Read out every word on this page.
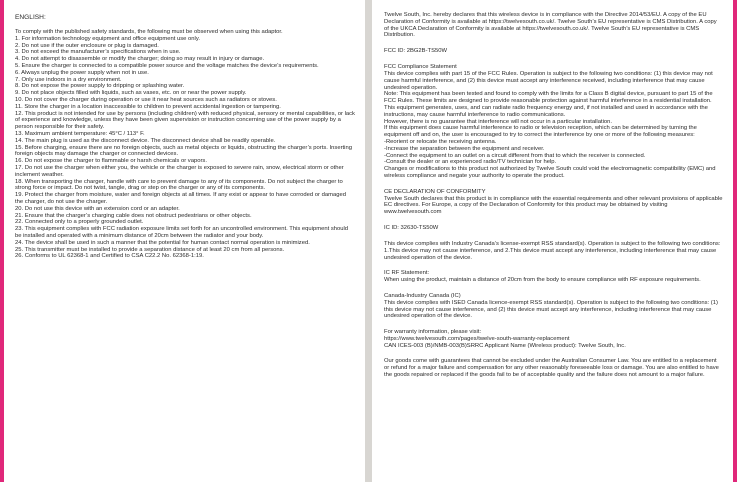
ENGLISH:

To comply with the published safety standards, the following must be observed when using this adaptor.

1. For information technology equipment and office equipment use only.
2. Do not use if the outer enclosure or plug is damaged.
3. Do not exceed the manufacturer’s specifications when in use.
4. Do not attempt to disassemble or modify the charger; doing so may result in injury or damage.
5. Ensure the charger is connected to a compatible power source and the voltage matches the device’s requirements.
6. Always unplug the power supply when not in use.
7. Only use indoors in a dry environment.
8. Do not expose the power supply to dripping or splashing water.
9. Do not place objects filled with liquids, such as vases, etc. on or near the power supply.
10. Do not cover the charger during operation or use it near heat sources such as radiators or stoves.
11. Store the charger in a location inaccessible to children to prevent accidental ingestion or tampering.
12. This product is not intended for use by persons (including children) with reduced physical, sensory or mental capabilities, or lack of experience and knowledge, unless they have been given supervision or instruction concerning use of the power supply by a person responsible for their safety.
13. Maximum ambient temperature: 45°C / 113° F.
14. The main plug is used as the disconnect device. The disconnect device shall be readily operable.
15. Before charging, ensure there are no foreign objects, such as metal objects or liquids, obstructing the charger’s ports. Inserting foreign objects may damage the charger or connected devices.
16. Do not expose the charger to flammable or harsh chemicals or vapors.
17. Do not use the charger when either you, the vehicle or the charger is exposed to severe rain, snow, electrical storm or other inclement weather.
18. When transporting the charger, handle with care to prevent damage to any of its components. Do not subject the charger to strong force or impact. Do not twist, tangle, drag or step on the charger or any of its components.
19. Protect the charger from moisture, water and foreign objects at all times. If any exist or appear to have corroded or damaged the charger, do not use the charger.
20. Do not use this device with an extension cord or an adapter.
21. Ensure that the charger’s charging cable does not obstruct pedestrians or other objects.
22. Connected only to a properly grounded outlet.
23. This equipment complies with FCC radiation exposure limits set forth for an uncontrolled environment. This equipment should be installed and operated with a minimum distance of 20cm between the radiator and your body.
24. The device shall be used in such a manner that the potential for human contact normal operation is minimized.
25. This transmitter must be installed to provide a separation distance of at least 20 cm from all persons.
26. Conforms to UL 62368-1 and Certified to CSA C22.2 No. 62368-1:19.

Twelve South, Inc. hereby declares that this wireless device is in compliance with the Directive 2014/53/EU. A copy of the EU Declaration of Conformity is available at https://twelvesouth.co.uk/. Twelve South’s EU representative is CMS Distribution. A copy of the UKCA Declaration of Conformity is available at https://twelvesouth.co.uk/. Twelve South’s EU representative is CMS Distribution.

FCC ID: 2BG2B-TS50W

FCC Compliance Statement

This device complies with part 15 of the FCC Rules. Operation is subject to the following two conditions: (1) this device may not cause harmful interference, and (2) this device must accept any interference received, including interference that may cause undesired operation.

Note: This equipment has been tested and found to comply with the limits for a Class B digital device, pursuant to part 15 of the FCC Rules. These limits are designed to provide reasonable protection against harmful interference in a residential installation.

This equipment generates, uses, and can radiate radio frequency energy and, if not installed and used in accordance with the instructions, may cause harmful interference to radio communications.

However, there is no guarantee that interference will not occur in a particular installation.

If this equipment does cause harmful interference to radio or television reception, which can be determined by turning the equipment off and on, the user is encouraged to try to correct the interference by one or more of the following measures:

-Reorient or relocate the receiving antenna.

-Increase the separation between the equipment and receiver.

-Connect the equipment to an outlet on a circuit different from that to which the receiver is connected.

-Consult the dealer or an experienced radio/TV technician for help.

Changes or modifications to this product not authorized by Twelve South could void the electromagnetic compatibility (EMC) and wireless compliance and negate your authority to operate the product.

CE DECLARATION OF CONFORMITY

Twelve South declares that this product is in compliance with the essential requirements and other relevant provisions of applicable EC directives. For Europe, a copy of the Declaration of Conformity for this product may be obtained by visiting www.twelvesouth.com

IC ID: 32630-TS50W

This device complies with Industry Canada’s license-exempt RSS standard(s). Operation is subject to the following two conditions: 1.This device may not cause interference, and 2.This device must accept any interference, including interference that may cause undesired operation of the device.

IC RF Statement:

When using the product, maintain a distance of 20cm from the body to ensure compliance with RF exposure requirements.

Canada-Industry Canada (IC)

This device complies with ISED Canada licence-exempt RSS standard(s). Operation is subject to the following two conditions: (1) this device may not cause interference, and (2) this device must accept any interference, including interference that may cause undesired operation of the device.

For warranty information, please visit:

https://www.twelvesouth.com/pages/twelve-south-warranty-replacement

CAN ICES-003 (B)/NMB-003(B)SRRC Applicant Name (Wireless product): Twelve South, Inc.

Our goods come with guarantees that cannot be excluded under the Australian Consumer Law. You are entitled to a replacement or refund for a major failure and compensation for any other reasonably foreseeable loss or damage. You are also entitled to have the goods repaired or replaced if the goods fail to be of acceptable quality and the failure does not amount to a major failure.
